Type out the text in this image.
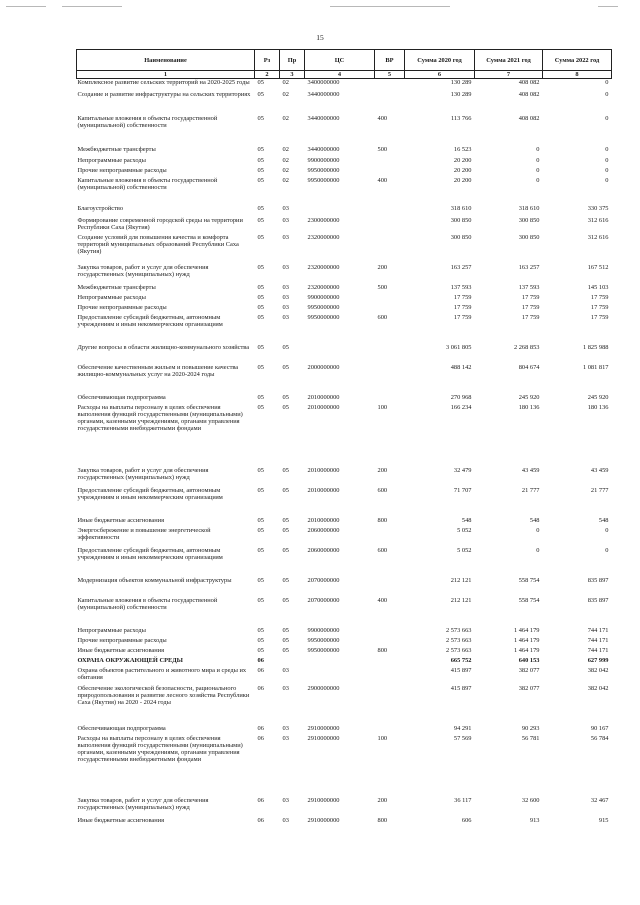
15
Наименование	Рз	Пр	ЦС	ВР	Сумма 2020 год	Сумма 2021 год	Сумма 2022 год
1	2	3	4	5	6	7	8
Комплексное развитие сельских территорий на 2020-2025 годы	05	02	3400000000		130 289	408 082	0
Создание и развитие инфраструктуры на сельских территориях	05	02	3440000000		130 289	408 082	0
Капитальные вложения в объекты государственной (муниципальной) собственности	05	02	3440000000	400	113 766	408 082	0
Межбюджетные трансферты	05	02	3440000000	500	16 523	0	0
Непрограммные расходы	05	02	9900000000		20 200	0	0
Прочие непрограммные расходы	05	02	9950000000		20 200	0	0
Капитальные вложения в объекты государственной (муниципальной) собственности	05	02	9950000000	400	20 200	0	0
Благоустройство	05	03			318 610	318 610	330 375
Формирование современной городской среды на территории Республики Саха (Якутия)	05	03	2300000000		300 850	300 850	312 616
Создание условий для повышения качества и комфорта территорий муниципальных образований Республики Саха (Якутия)	05	03	2320000000		300 850	300 850	312 616
Закупка товаров, работ и услуг для обеспечения государственных (муниципальных) нужд	05	03	2320000000	200	163 257	163 257	167 512
Межбюджетные трансферты	05	03	2320000000	500	137 593	137 593	145 103
Непрограммные расходы	05	03	9900000000		17 759	17 759	17 759
Прочие непрограммные расходы	05	03	9950000000		17 759	17 759	17 759
Предоставление субсидий бюджетным, автономным учреждениям и иным некоммерческим организациям	05	03	9950000000	600	17 759	17 759	17 759
Другие вопросы в области жилищно-коммунального хозяйства	05	05			3 061 805	2 268 853	1 825 988
Обеспечение качественным жильем и повышение качества жилищно-коммунальных услуг на 2020-2024 годы	05	05	2000000000		488 142	804 674	1 081 817
Обеспечивающая подпрограмма	05	05	2010000000		270 968	245 920	245 920
Расходы на выплаты персоналу в целях обеспечения выполнения функций государственными (муниципальными) органами, казенными учреждениями, органами управления государственными внебюджетными фондами	05	05	2010000000	100	166 234	180 136	180 136
Закупка товаров, работ и услуг для обеспечения государственных (муниципальных) нужд	05	05	2010000000	200	32 479	43 459	43 459
Предоставление субсидий бюджетным, автономным учреждениям и иным некоммерческим организациям	05	05	2010000000	600	71 707	21 777	21 777
Иные бюджетные ассигнования	05	05	2010000000	800	548	548	548
Энергосбережение и повышение энергетической эффективности	05	05	2060000000		5 052	0	0
Предоставление субсидий бюджетным, автономным учреждениям и иным некоммерческим организациям	05	05	2060000000	600	5 052	0	0
Модернизация объектов коммунальной инфраструктуры	05	05	2070000000		212 121	558 754	835 897
Капитальные вложения в объекты государственной (муниципальной) собственности	05	05	2070000000	400	212 121	558 754	835 897
Непрограммные расходы	05	05	9900000000		2 573 663	1 464 179	744 171
Прочие непрограммные расходы	05	05	9950000000		2 573 663	1 464 179	744 171
Иные бюджетные ассигнования	05	05	9950000000	800	2 573 663	1 464 179	744 171
ОХРАНА ОКРУЖАЮЩЕЙ СРЕДЫ	06				665 752	640 153	627 999
Охрана объектов растительного и животного мира и среды их обитания	06	03			415 897	382 077	382 042
Обеспечение экологической безопасности, рационального природопользования и развитие лесного хозяйства Республики Саха (Якутия) на 2020 - 2024 годы	06	03	2900000000		415 897	382 077	382 042
Обеспечивающая подпрограмма	06	03	2910000000		94 291	90 293	90 167
Расходы на выплаты персоналу в целях обеспечения выполнения функций государственными (муниципальными) органами, казенными учреждениями, органами управления государственными внебюджетными фондами	06	03	2910000000	100	57 569	56 781	56 784
Закупка товаров, работ и услуг для обеспечения государственных (муниципальных) нужд	06	03	2910000000	200	36 117	32 600	32 467
Иные бюджетные ассигнования	06	03	2910000000	800	606	913	915
